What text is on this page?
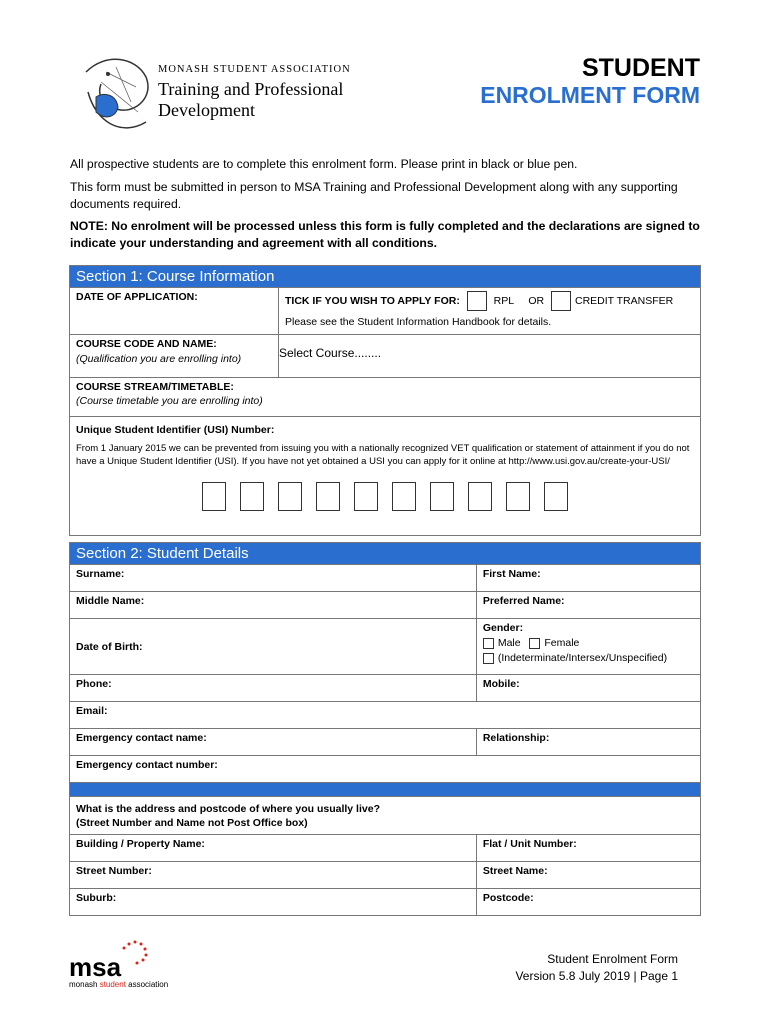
MONASH STUDENT ASSOCIATION
Training and Professional
Development
STUDENT
ENROLMENT FORM
All prospective students are to complete this enrolment form. Please print in black or blue pen.
This form must be submitted in person to MSA Training and Professional Development along with any supporting documents required.
NOTE: No enrolment will be processed unless this form is fully completed and the declarations are signed to indicate your understanding and agreement with all conditions.
Section 1: Course Information	
DATE OF APPLICATION:	TICK IF YOU WISH TO APPLY FOR: RPL OR CREDIT TRANSFER
Please see the Student Information Handbook for details.

COURSE CODE AND NAME:
(Qualification you are enrolling into)	Select Course........

COURSE STREAM/TIMETABLE:
(Course timetable you are enrolling into)	

Unique Student Identifier (USI) Number:
From 1 January 2015 we can be prevented from issuing you with a nationally recognized VET qualification or statement of attainment if you do not have a Unique Student Identifier (USI). If you have not yet obtained a USI you can apply for it online at http://www.usi.gov.au/create-your-USI/	
Section 2: Student Details	
Surname:	First Name:
Middle Name:	Preferred Name:
Date of Birth:	Gender:
Male Female
(Indeterminate/Intersex/Unspecified)

Phone:	Mobile:
Email:	
Emergency contact name:	Relationship:
Emergency contact number:	

What is the address and postcode of where you usually live?
(Street Number and Name not Post Office box)	

Building / Property Name:	Flat / Unit Number:
Street Number:	Street Name:
Suburb:	Postcode:
msa
monash student association
Student Enrolment Form
Version 5.8 July 2019 | Page 1
